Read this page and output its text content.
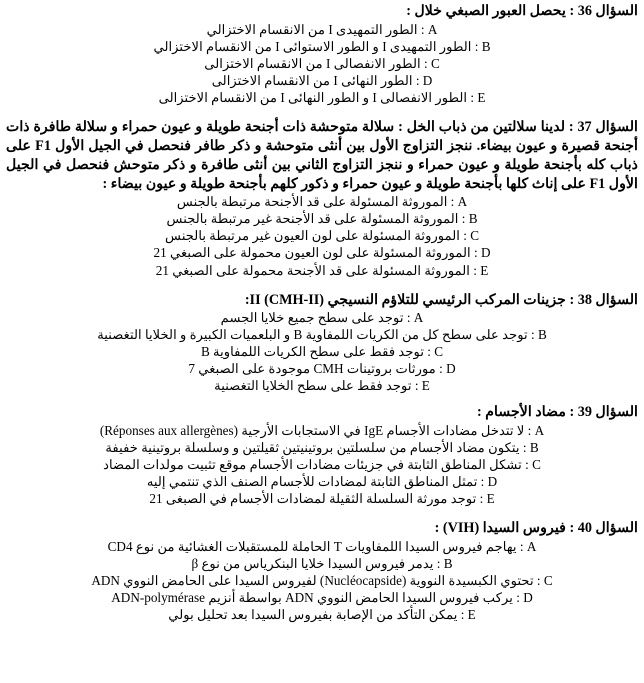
السؤال 36 : يحصل العبور الصبغي خلال :

A : الطور التمهيدى I من الانقسام الاختزالي
B : الطور التمهيدى I و الطور الاستوائى I من الانقسام الاختزالي
C : الطور الانفصالى I من الانقسام الاختزالى
D : الطور النهائى I من الانقسام الاختزالى
E : الطور الانفصالى I و الطور النهائى I من الانقسام الاختزالى

السؤال 37 : لدينا سلالتين من ذباب الخل : سلالة متوحشة ذات أجنحة طويلة و عيون حمراء و سلالة طافرة ذات أجنحة قصيرة و عيون بيضاء. ننجز التزاوج الأول بين أنثى متوحشة و ذكر طافر فنحصل في الجيل الأول F1 على ذباب كله بأجنحة طويلة و عيون حمراء و ننجز التزاوج الثاني بين أنثى طافرة و ذكر متوحش فنحصل في الجيل الأول F1 على إناث كلها بأجنحة طويلة و عيون حمراء و ذكور كلهم بأجنحة طويلة و عيون بيضاء :

A : الموروثة المسئولة على قد الأجنحة مرتبطة بالجنس
B : الموروثة المسئولة على قد الأجنحة غير مرتبطة بالجنس
C : الموروثة المسئولة على لون العيون غير مرتبطة بالجنس
D : الموروثة المسئولة على لون العيون محمولة على الصبغي 21
E : الموروثة المسئولة على قد الأجنحة محمولة على الصبغي 21

السؤال 38 : جزينات المركب الرئيسي للتلاؤم النسيجي II (CMH-II):

A : توجد على سطح جميع خلايا الجسم
B : توجد على سطح كل من الكريات اللمفاوية B و البلعميات الكبيرة و الخلايا التغصنية
C : توجد فقط على سطح الكريات اللمفاوية B
D : مورثات بروتينات CMH موجودة على الصبغي 7
E : توجد فقط على سطح الخلايا التغصنية

السؤال 39 : مضاد الأجسام :

A : لا تتدخل مضادات الأجسام IgE في الاستجابات الأرجية (Réponses aux allergènes)
B : يتكون مضاد الأجسام من سلسلتين بروتينيتين ثقيلتين و وسلسلة بروتينية خفيفة
C : تشكل المناطق الثابتة في جزيئات مضادات الأجسام موقع تثبيت مولدات المضاد
D : تمثل المناطق الثابتة لمضادات للأجسام الصنف الذي تنتمي إليه
E : توجد مورثة السلسلة الثقيلة لمضادات الأجسام في الصبغى 21

السؤال 40 : فيروس السيدا (VIH) :

A : يهاجم فيروس السيدا اللمفاويات T الحاملة للمستقبلات الغشائية من نوع CD4
B : يدمر فيروس السيدا خلايا البنكرياس من نوع β
C : تحتوي الكبسيدة النووية (Nucléocapside) لفيروس السيدا على الحامض النووي ADN
D : يركب فيروس السيدا الحامض النووي ADN بواسطة أنزيم ADN-polymérase
E : يمكن التأكد من الإصابة بفيروس السيدا بعد تحليل بولي
